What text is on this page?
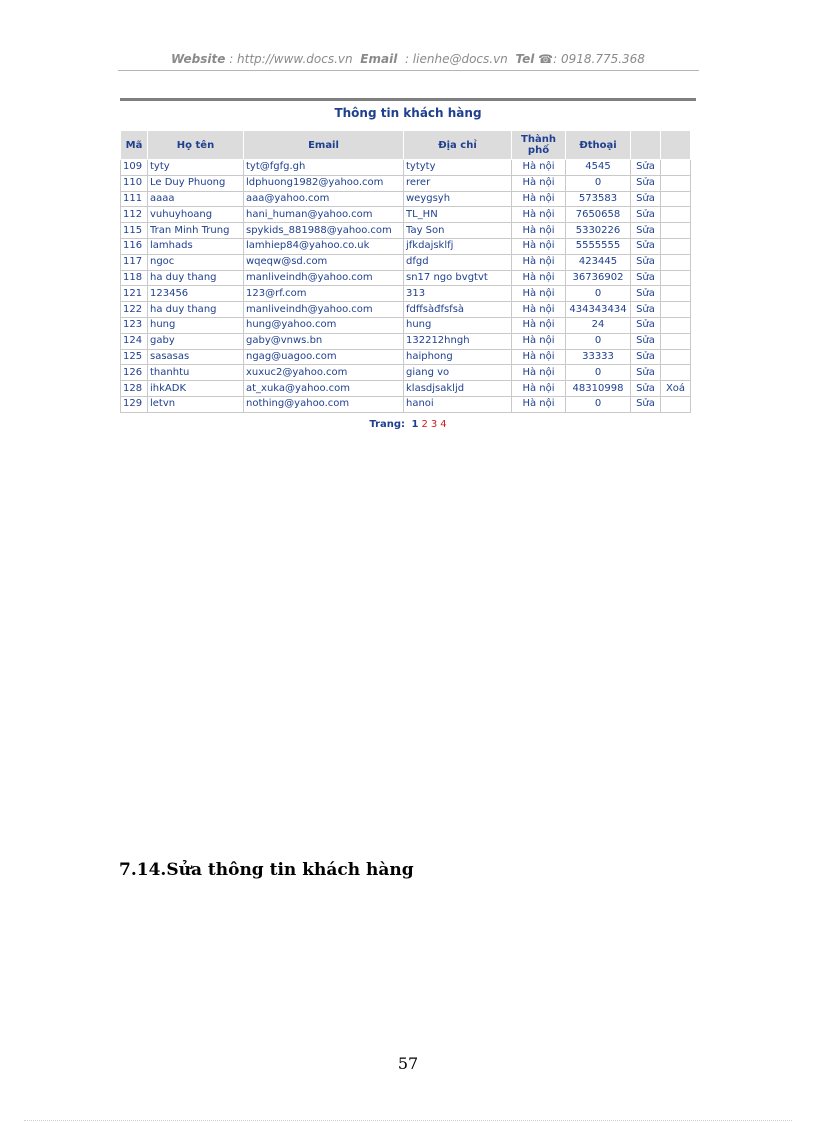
Website : http://www.docs.vn Email : lienhe@docs.vn Tel ☎: 0918.775.368
Thông tin khách hàng
Mã	Họ tên	Email	Địa chỉ	Thành phố	Đthoại		
109	tyty	tyt@fgfg.gh	tytyty	Hà nội	4545	Sửa	
110	Le Duy Phuong	ldphuong1982@yahoo.com	rerer	Hà nội	0	Sửa	
111	aaaa	aaa@yahoo.com	weygsyh	Hà nội	573583	Sửa	
112	vuhuyhoang	hani_human@yahoo.com	TL_HN	Hà nội	7650658	Sửa	
115	Tran Minh Trung	spykids_881988@yahoo.com	Tay Son	Hà nội	5330226	Sửa	
116	lamhads	lamhiep84@yahoo.co.uk	jfkdajsklfj	Hà nội	5555555	Sửa	
117	ngoc	wqeqw@sd.com	dfgd	Hà nội	423445	Sửa	
118	ha duy thang	manliveindh@yahoo.com	sn17 ngo bvgtvt	Hà nội	36736902	Sửa	
121	123456	123@rf.com	313	Hà nội	0	Sửa	
122	ha duy thang	manliveindh@yahoo.com	fdffsàđfsfsà	Hà nội	434343434	Sửa	
123	hung	hung@yahoo.com	hung	Hà nội	24	Sửa	
124	gaby	gaby@vnws.bn	132212hngh	Hà nội	0	Sửa	
125	sasasas	ngag@uagoo.com	haiphong	Hà nội	33333	Sửa	
126	thanhtu	xuxuc2@yahoo.com	giang vo	Hà nội	0	Sửa	
128	ihkADK	at_xuka@yahoo.com	klasdjsakljd	Hà nội	48310998	Sửa	Xoá
129	letvn	nothing@yahoo.com	hanoi	Hà nội	0	Sửa	
Trang: 1 2 3 4
7.14.Sửa thông tin khách hàng
57
